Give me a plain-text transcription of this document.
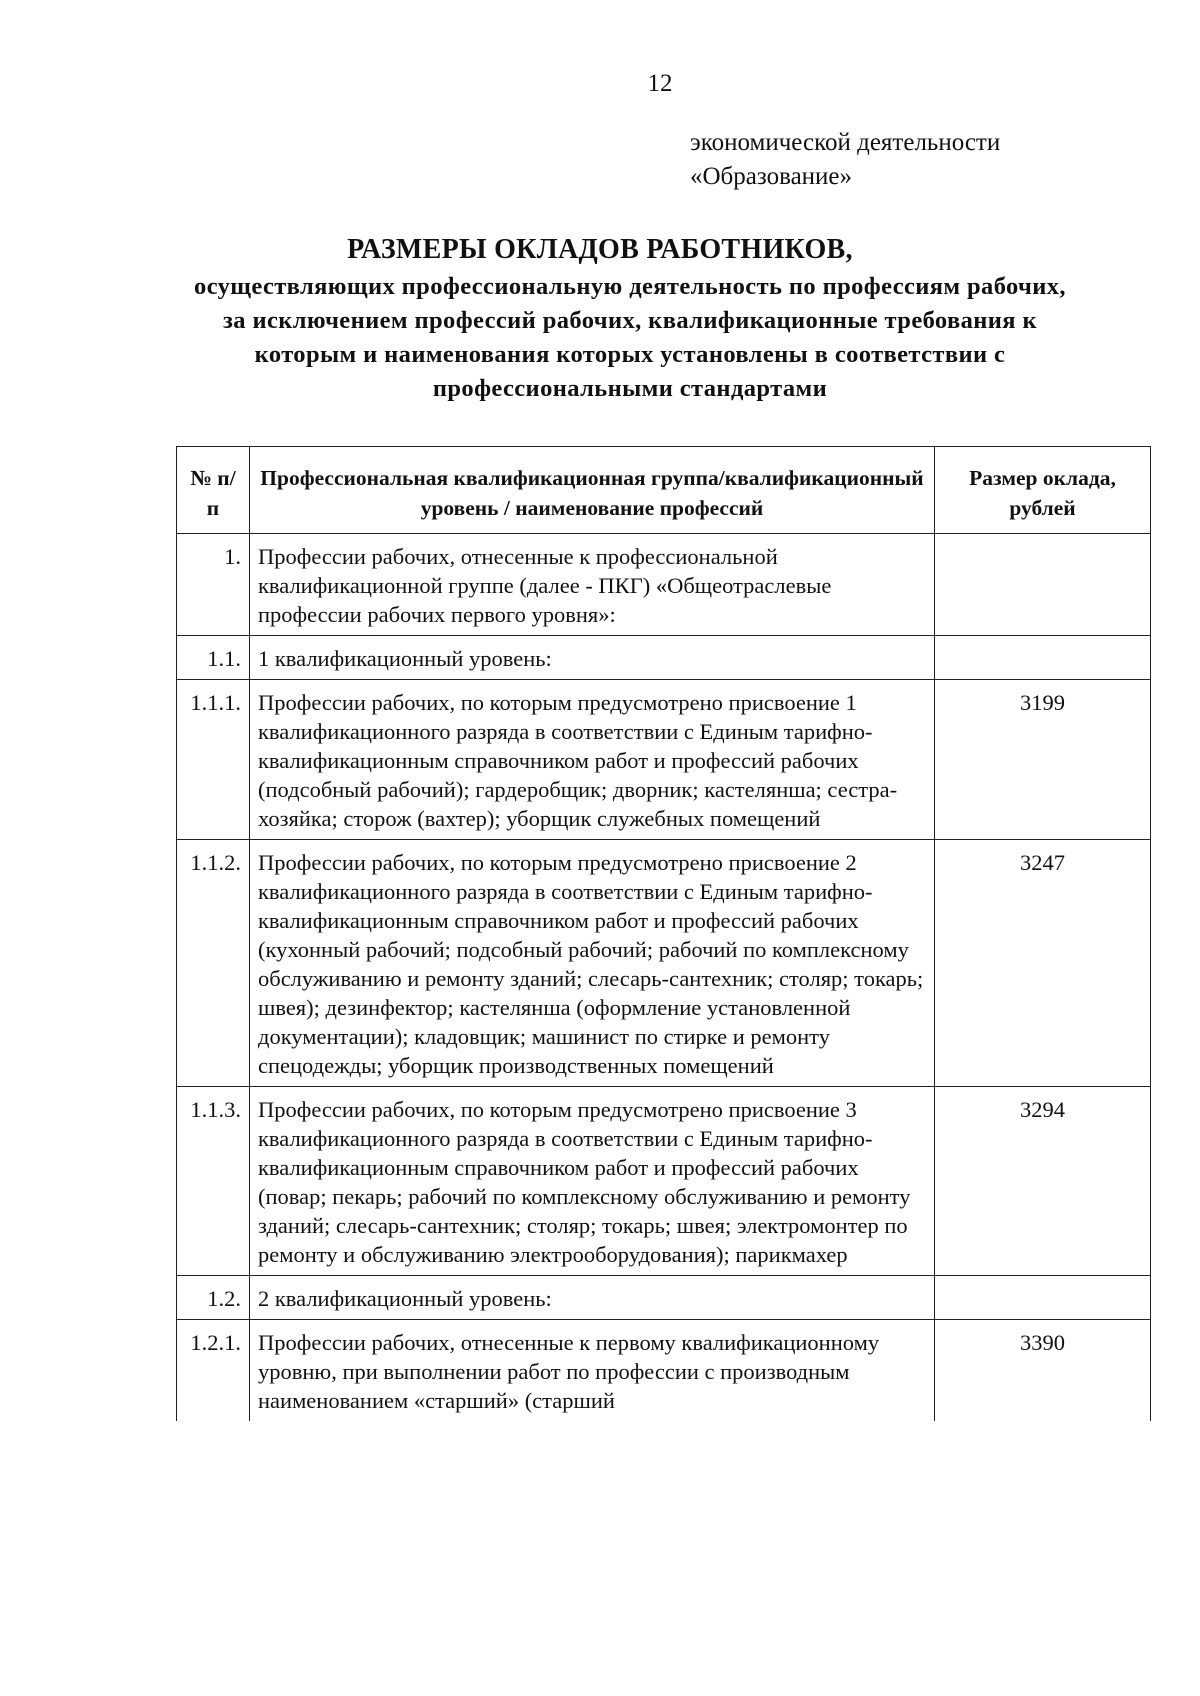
12
экономической деятельности
«Образование»
РАЗМЕРЫ ОКЛАДОВ РАБОТНИКОВ,
осуществляющих профессиональную деятельность по профессиям рабочих, за исключением профессий рабочих, квалификационные требования к которым и наименования которых установлены в соответствии с профессиональными стандартами
№ п/п	Профессиональная квалификационная группа/квалификационный уровень / наименование профессий	Размер оклада, рублей
1.	Профессии рабочих, отнесенные к профессиональной квалификационной группе (далее - ПКГ) «Общеотраслевые профессии рабочих первого уровня»:	
1.1.	1 квалификационный уровень:	
1.1.1.	Профессии рабочих, по которым предусмотрено присвоение 1 квалификационного разряда в соответствии с Единым тарифно-квалификационным справочником работ и профессий рабочих (подсобный рабочий); гардеробщик; дворник; кастелянша; сестра-хозяйка; сторож (вахтер); уборщик служебных помещений	3199
1.1.2.	Профессии рабочих, по которым предусмотрено присвоение 2 квалификационного разряда в соответствии с Единым тарифно-квалификационным справочником работ и профессий рабочих (кухонный рабочий; подсобный рабочий; рабочий по комплексному обслуживанию и ремонту зданий; слесарь-сантехник; столяр; токарь; швея); дезинфектор; кастелянша (оформление установленной документации); кладовщик; машинист по стирке и ремонту спецодежды; уборщик производственных помещений	3247
1.1.3.	Профессии рабочих, по которым предусмотрено присвоение 3 квалификационного разряда в соответствии с Единым тарифно-квалификационным справочником работ и профессий рабочих (повар; пекарь; рабочий по комплексному обслуживанию и ремонту зданий; слесарь-сантехник; столяр; токарь; швея; электромонтер по ремонту и обслуживанию электрооборудования); парикмахер	3294
1.2.	2 квалификационный уровень:	
1.2.1.	Профессии рабочих, отнесенные к первому квалификационному уровню, при выполнении работ по профессии с производным наименованием «старший» (старший	3390
